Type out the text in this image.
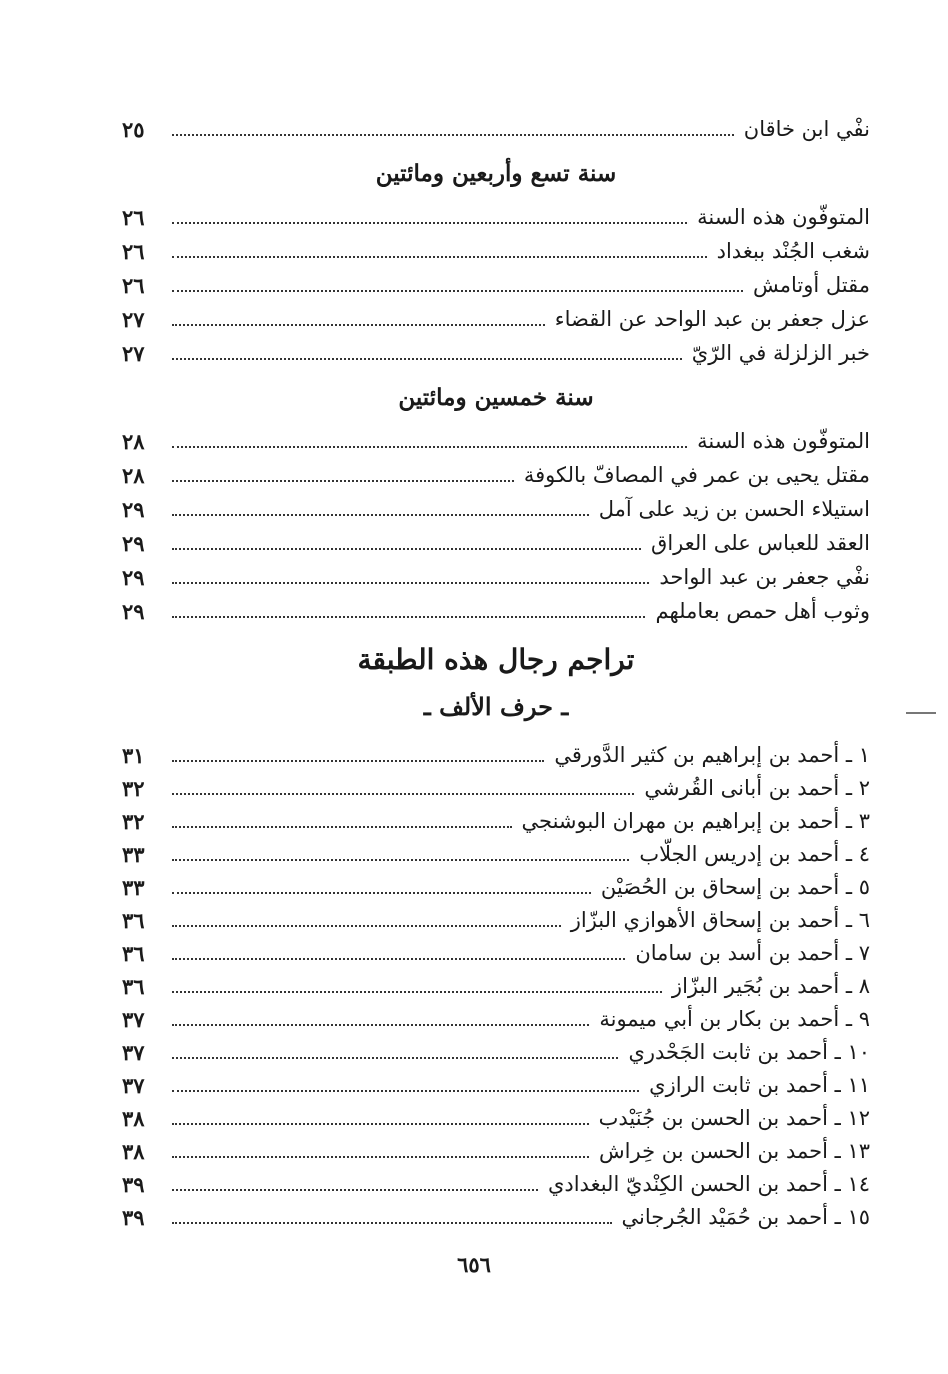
٢٥	نفْي ابن خاقان
سنة تسع وأربعين ومائتين
٢٦	المتوفّون هذه السنة
٢٦	شغب الجُنْد ببغداد
٢٦	مقتل أوتامش
٢٧	عزل جعفر بن عبد الواحد عن القضاء
٢٧	خبر الزلزلة في الرّيّ
سنة خمسين ومائتين
٢٨	المتوفّون هذه السنة
٢٨	مقتل يحيى بن عمر في المصافّ بالكوفة
٢٩	استيلاء الحسن بن زيد على آمل
٢٩	العقد للعباس على العراق
٢٩	نفْي جعفر بن عبد الواحد
٢٩	وثوب أهل حمص بعاملهم
تراجم رجال هذه الطبقة
ـ حرف الألف ـ
٣١	١ ـ أحمد بن إبراهيم بن كثير الدَّورقي
٣٢	٢ ـ أحمد بن أبانى القُرشي
٣٢	٣ ـ أحمد بن إبراهيم بن مهران البوشنجي
٣٣	٤ ـ أحمد بن إدريس الجلّاب
٣٣	٥ ـ أحمد بن إسحاق بن الحُصَيْن
٣٦	٦ ـ أحمد بن إسحاق الأهوازي البزّاز
٣٦	٧ ـ أحمد بن أسد بن سامان
٣٦	٨ ـ أحمد بن بُجَير البزّاز
٣٧	٩ ـ أحمد بن بكار بن أبي ميمونة
٣٧	١٠ ـ أحمد بن ثابت الجَحْدري
٣٧	١١ ـ أحمد بن ثابت الرازي
٣٨	١٢ ـ أحمد بن الحسن بن جُنَيْدب
٣٨	١٣ ـ أحمد بن الحسن بن خِراش
٣٩	١٤ ـ أحمد بن الحسن الكِنْديّ البغدادي
٣٩	١٥ ـ أحمد بن حُمَيْد الجُرجاني
٦٥٦
